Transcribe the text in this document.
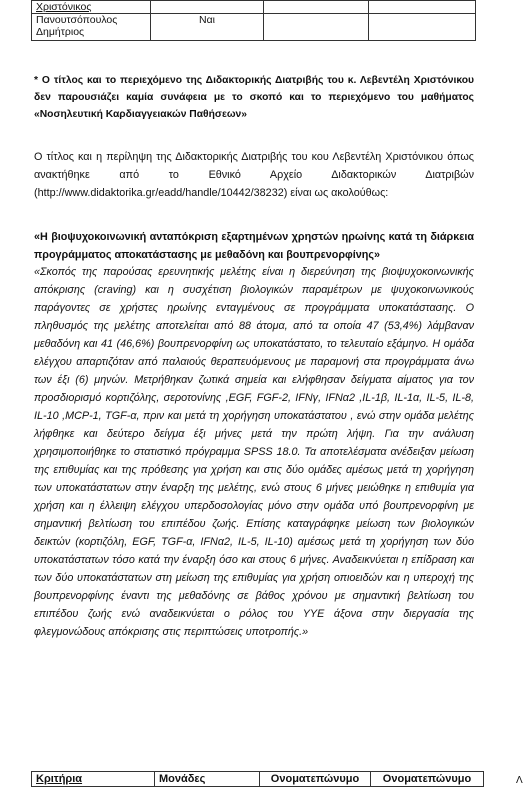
Χριστόνικος			
Πανουτσόπουλος Δημήτριος	Ναι		
* Ο τίτλος και το περιεχόμενο της Διδακτορικής Διατριβής του κ. Λεβεντέλη Χριστόνικου δεν παρουσιάζει καμία συνάφεια με το σκοπό και το περιεχόμενο του μαθήματος «Νοσηλευτική Καρδιαγγειακών Παθήσεων»
Ο τίτλος και η περίληψη της Διδακτορικής Διατριβής του κου Λεβεντέλη Χριστόνικου όπως ανακτήθηκε από το Εθνικό Αρχείο Διδακτορικών Διατριβών (http://www.didaktorika.gr/eadd/handle/10442/38232) είναι ως ακολούθως:
«Η βιοψυχοκοινωνική ανταπόκριση εξαρτημένων χρηστών ηρωίνης κατά τη διάρκεια προγράμματος αποκατάστασης με μεθαδόνη και βουπρενορφίνης»
«Σκοπός της παρούσας ερευνητικής μελέτης είναι η διερεύνηση της βιοψυχοκοινωνικής απόκρισης (craving) και η συσχέτιση βιολογικών παραμέτρων με ψυχοκοινωνικούς παράγοντες σε χρήστες ηρωίνης ενταγμένους σε προγράμματα υποκατάστασης. Ο πληθυσμός της μελέτης αποτελείται από 88 άτομα, από τα οποία 47 (53,4%) λάμβαναν μεθαδόνη και 41 (46,6%) βουπρενορφίνη ως υποκατάστατο, το τελευταίο εξάμηνο. Η ομάδα ελέγχου απαρτιζόταν από παλαιούς θεραπευόμενους με παραμονή στα προγράμματα άνω των έξι (6) μηνών. Μετρήθηκαν ζωτικά σημεία και ελήφθησαν δείγματα αίματος για τον προσδιορισμό κορτιζόλης, σεροτονίνης ,EGF, FGF-2, IFNγ, IFNα2 ,IL-1β, IL-1α, IL-5, IL-8, IL-10 ,MCP-1, TGF-α, πριν και μετά τη χορήγηση υποκατάστατου , ενώ στην ομάδα μελέτης λήφθηκε και δεύτερο δείγμα έξι μήνες μετά την πρώτη λήψη. Για την ανάλυση χρησιμοποιήθηκε το στατιστικό πρόγραμμα SPSS 18.0. Τα αποτελέσματα ανέδειξαν μείωση της επιθυμίας και της πρόθεσης για χρήση και στις δύο ομάδες αμέσως μετά τη χορήγηση των υποκατάστατων στην έναρξη της μελέτης, ενώ στους 6 μήνες μειώθηκε η επιθυμία για χρήση και η έλλειψη ελέγχου υπερδοσολογίας μόνο στην ομάδα υπό βουπρενορφίνη με σημαντική βελτίωση του επιπέδου ζωής. Επίσης καταγράφηκε μείωση των βιολογικών δεικτών (κορτιζόλη, EGF, TGF-α, IFNα2, IL-5, IL-10) αμέσως μετά τη χορήγηση των δύο υποκατάστατων τόσο κατά την έναρξη όσο και στους 6 μήνες. Αναδεικνύεται η επίδραση και των δύο υποκατάστατων στη μείωση της επιθυμίας για χρήση οπιοειδών και η υπεροχή της βουπρενορφίνης έναντι της μεθαδόνης σε βάθος χρόνου με σημαντική βελτίωση του επιπέδου ζωής ενώ αναδεικνύεται ο ρόλος του ΥΥΕ άξονα στην διεργασία της φλεγμονώδους απόκρισης στις περιπτώσεις υποτροπής.»
Κριτήρια	Μονάδες	Ονοματεπώνυμο	Ονοματεπώνυμο	Λ
